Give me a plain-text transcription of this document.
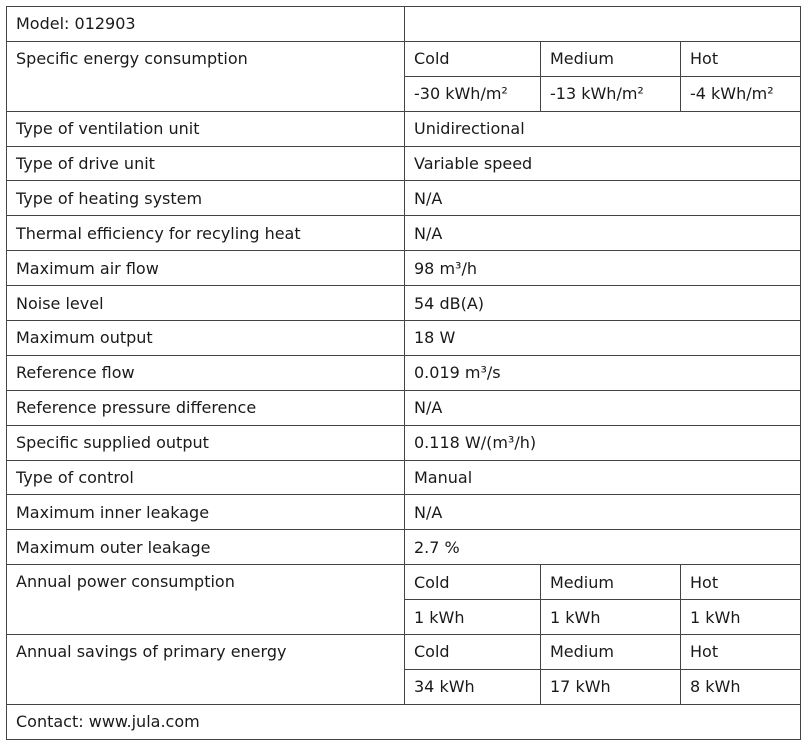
Model: 012903			
Specific energy consumption	Cold	Medium	Hot
	-30 kWh/m²	-13 kWh/m²	-4 kWh/m²
Type of ventilation unit	Unidirectional		
Type of drive unit	Variable speed		
Type of heating system	N/A		
Thermal efficiency for recyling heat	N/A		
Maximum air flow	98 m³/h		
Noise level	54 dB(A)		
Maximum output	18 W		
Reference flow	0.019 m³/s		
Reference pressure difference	N/A		
Specific supplied output	0.118 W/(m³/h)		
Type of control	Manual		
Maximum inner leakage	N/A		
Maximum outer leakage	2.7 %		
Annual power consumption	Cold	Medium	Hot
	1 kWh	1 kWh	1 kWh
Annual savings of primary energy	Cold	Medium	Hot
	34 kWh	17 kWh	8 kWh
Contact: www.jula.com			
